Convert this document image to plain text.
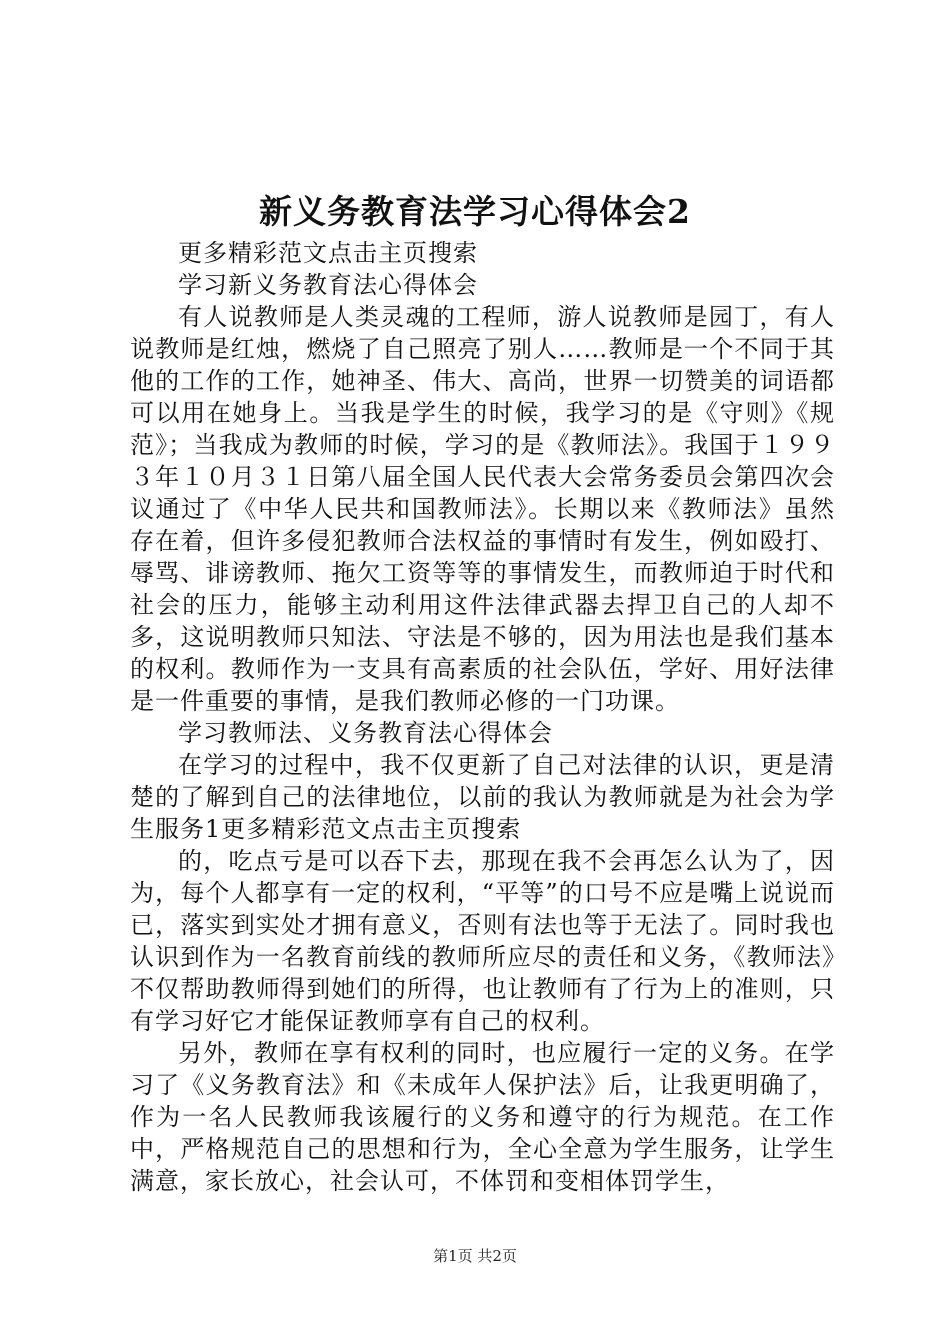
新义务教育法学习心得体会2

更多精彩范文点击主页搜索

学习新义务教育法心得体会

有人说教师是人类灵魂的工程师，游人说教师是园丁，有人说教师是红烛，燃烧了自己照亮了别人……教师是一个不同于其他的工作的工作，她神圣、伟大、高尚，世界一切赞美的词语都可以用在她身上。当我是学生的时候，我学习的是《守则》《规范》；当我成为教师的时候，学习的是《教师法》。我国于１９９３年１０月３１日第八届全国人民代表大会常务委员会第四次会议通过了《中华人民共和国教师法》。长期以来《教师法》虽然存在着，但许多侵犯教师合法权益的事情时有发生，例如殴打、辱骂、诽谤教师、拖欠工资等等的事情发生，而教师迫于时代和社会的压力，能够主动利用这件法律武器去捍卫自己的人却不多，这说明教师只知法、守法是不够的，因为用法也是我们基本的权利。教师作为一支具有高素质的社会队伍，学好、用好法律是一件重要的事情，是我们教师必修的一门功课。

学习教师法、义务教育法心得体会

在学习的过程中，我不仅更新了自己对法律的认识，更是清楚的了解到自己的法律地位，以前的我认为教师就是为社会为学生服务1更多精彩范文点击主页搜索

的，吃点亏是可以吞下去，那现在我不会再怎么认为了，因为，每个人都享有一定的权利，“平等”的口号不应是嘴上说说而已，落实到实处才拥有意义，否则有法也等于无法了。同时我也认识到作为一名教育前线的教师所应尽的责任和义务，《教师法》不仅帮助教师得到她们的所得，也让教师有了行为上的准则，只有学习好它才能保证教师享有自己的权利。

另外，教师在享有权利的同时，也应履行一定的义务。在学习了《义务教育法》和《未成年人保护法》后，让我更明确了，作为一名人民教师我该履行的义务和遵守的行为规范。在工作中，严格规范自己的思想和行为，全心全意为学生服务，让学生满意，家长放心，社会认可，不体罚和变相体罚学生，

第1页 共2页
